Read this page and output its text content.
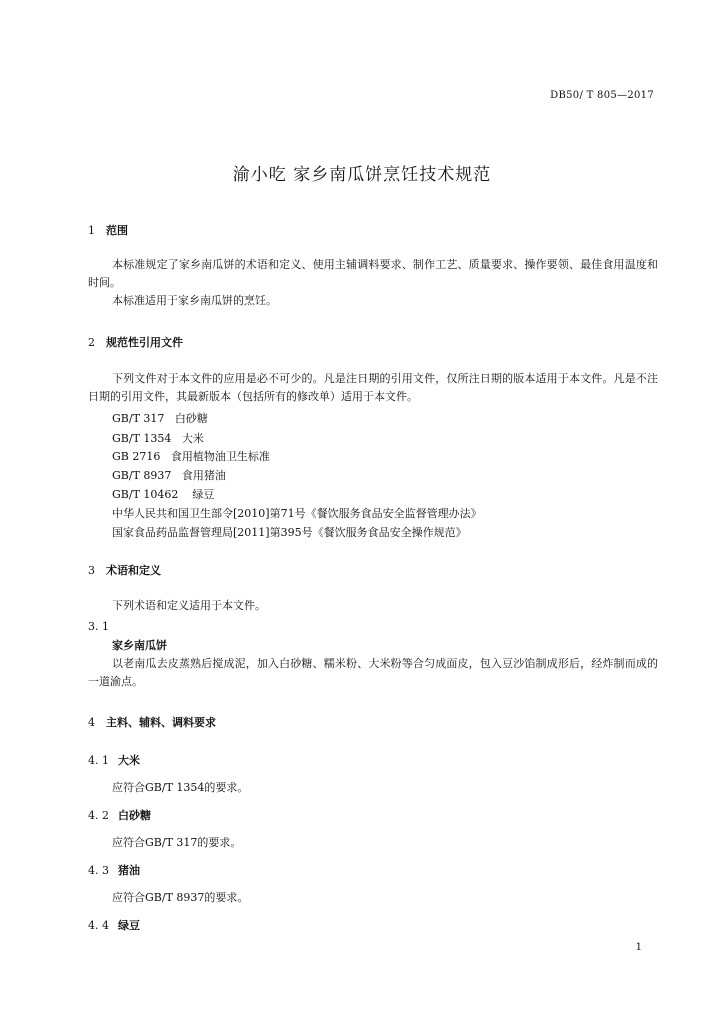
DB50/ T 805—2017
渝小吃 家乡南瓜饼烹饪技术规范
1 范围
本标准规定了家乡南瓜饼的术语和定义、使用主辅调料要求、制作工艺、质量要求、操作要领、最佳食用温度和时间。
本标准适用于家乡南瓜饼的烹饪。
2 规范性引用文件
下列文件对于本文件的应用是必不可少的。凡是注日期的引用文件，仅所注日期的版本适用于本文件。凡是不注日期的引用文件，其最新版本（包括所有的修改单）适用于本文件。
GB/T 317   白砂糖
GB/T 1354   大米
GB 2716   食用植物油卫生标准
GB/T 8937   食用猪油
GB/T 10462    绿豆
中华人民共和国卫生部令[2010]第71号《餐饮服务食品安全监督管理办法》
国家食品药品监督管理局[2011]第395号《餐饮服务食品安全操作规范》
3 术语和定义
下列术语和定义适用于本文件。
3. 1
家乡南瓜饼
以老南瓜去皮蒸熟后搅成泥，加入白砂糖、糯米粉、大米粉等合匀成面皮，包入豆沙馅制成形后，经炸制而成的一道渝点。
4 主料、辅料、调料要求
4. 1 大米
应符合GB/T 1354的要求。
4. 2 白砂糖
应符合GB/T 317的要求。
4. 3 猪油
应符合GB/T 8937的要求。
4. 4 绿豆
1
